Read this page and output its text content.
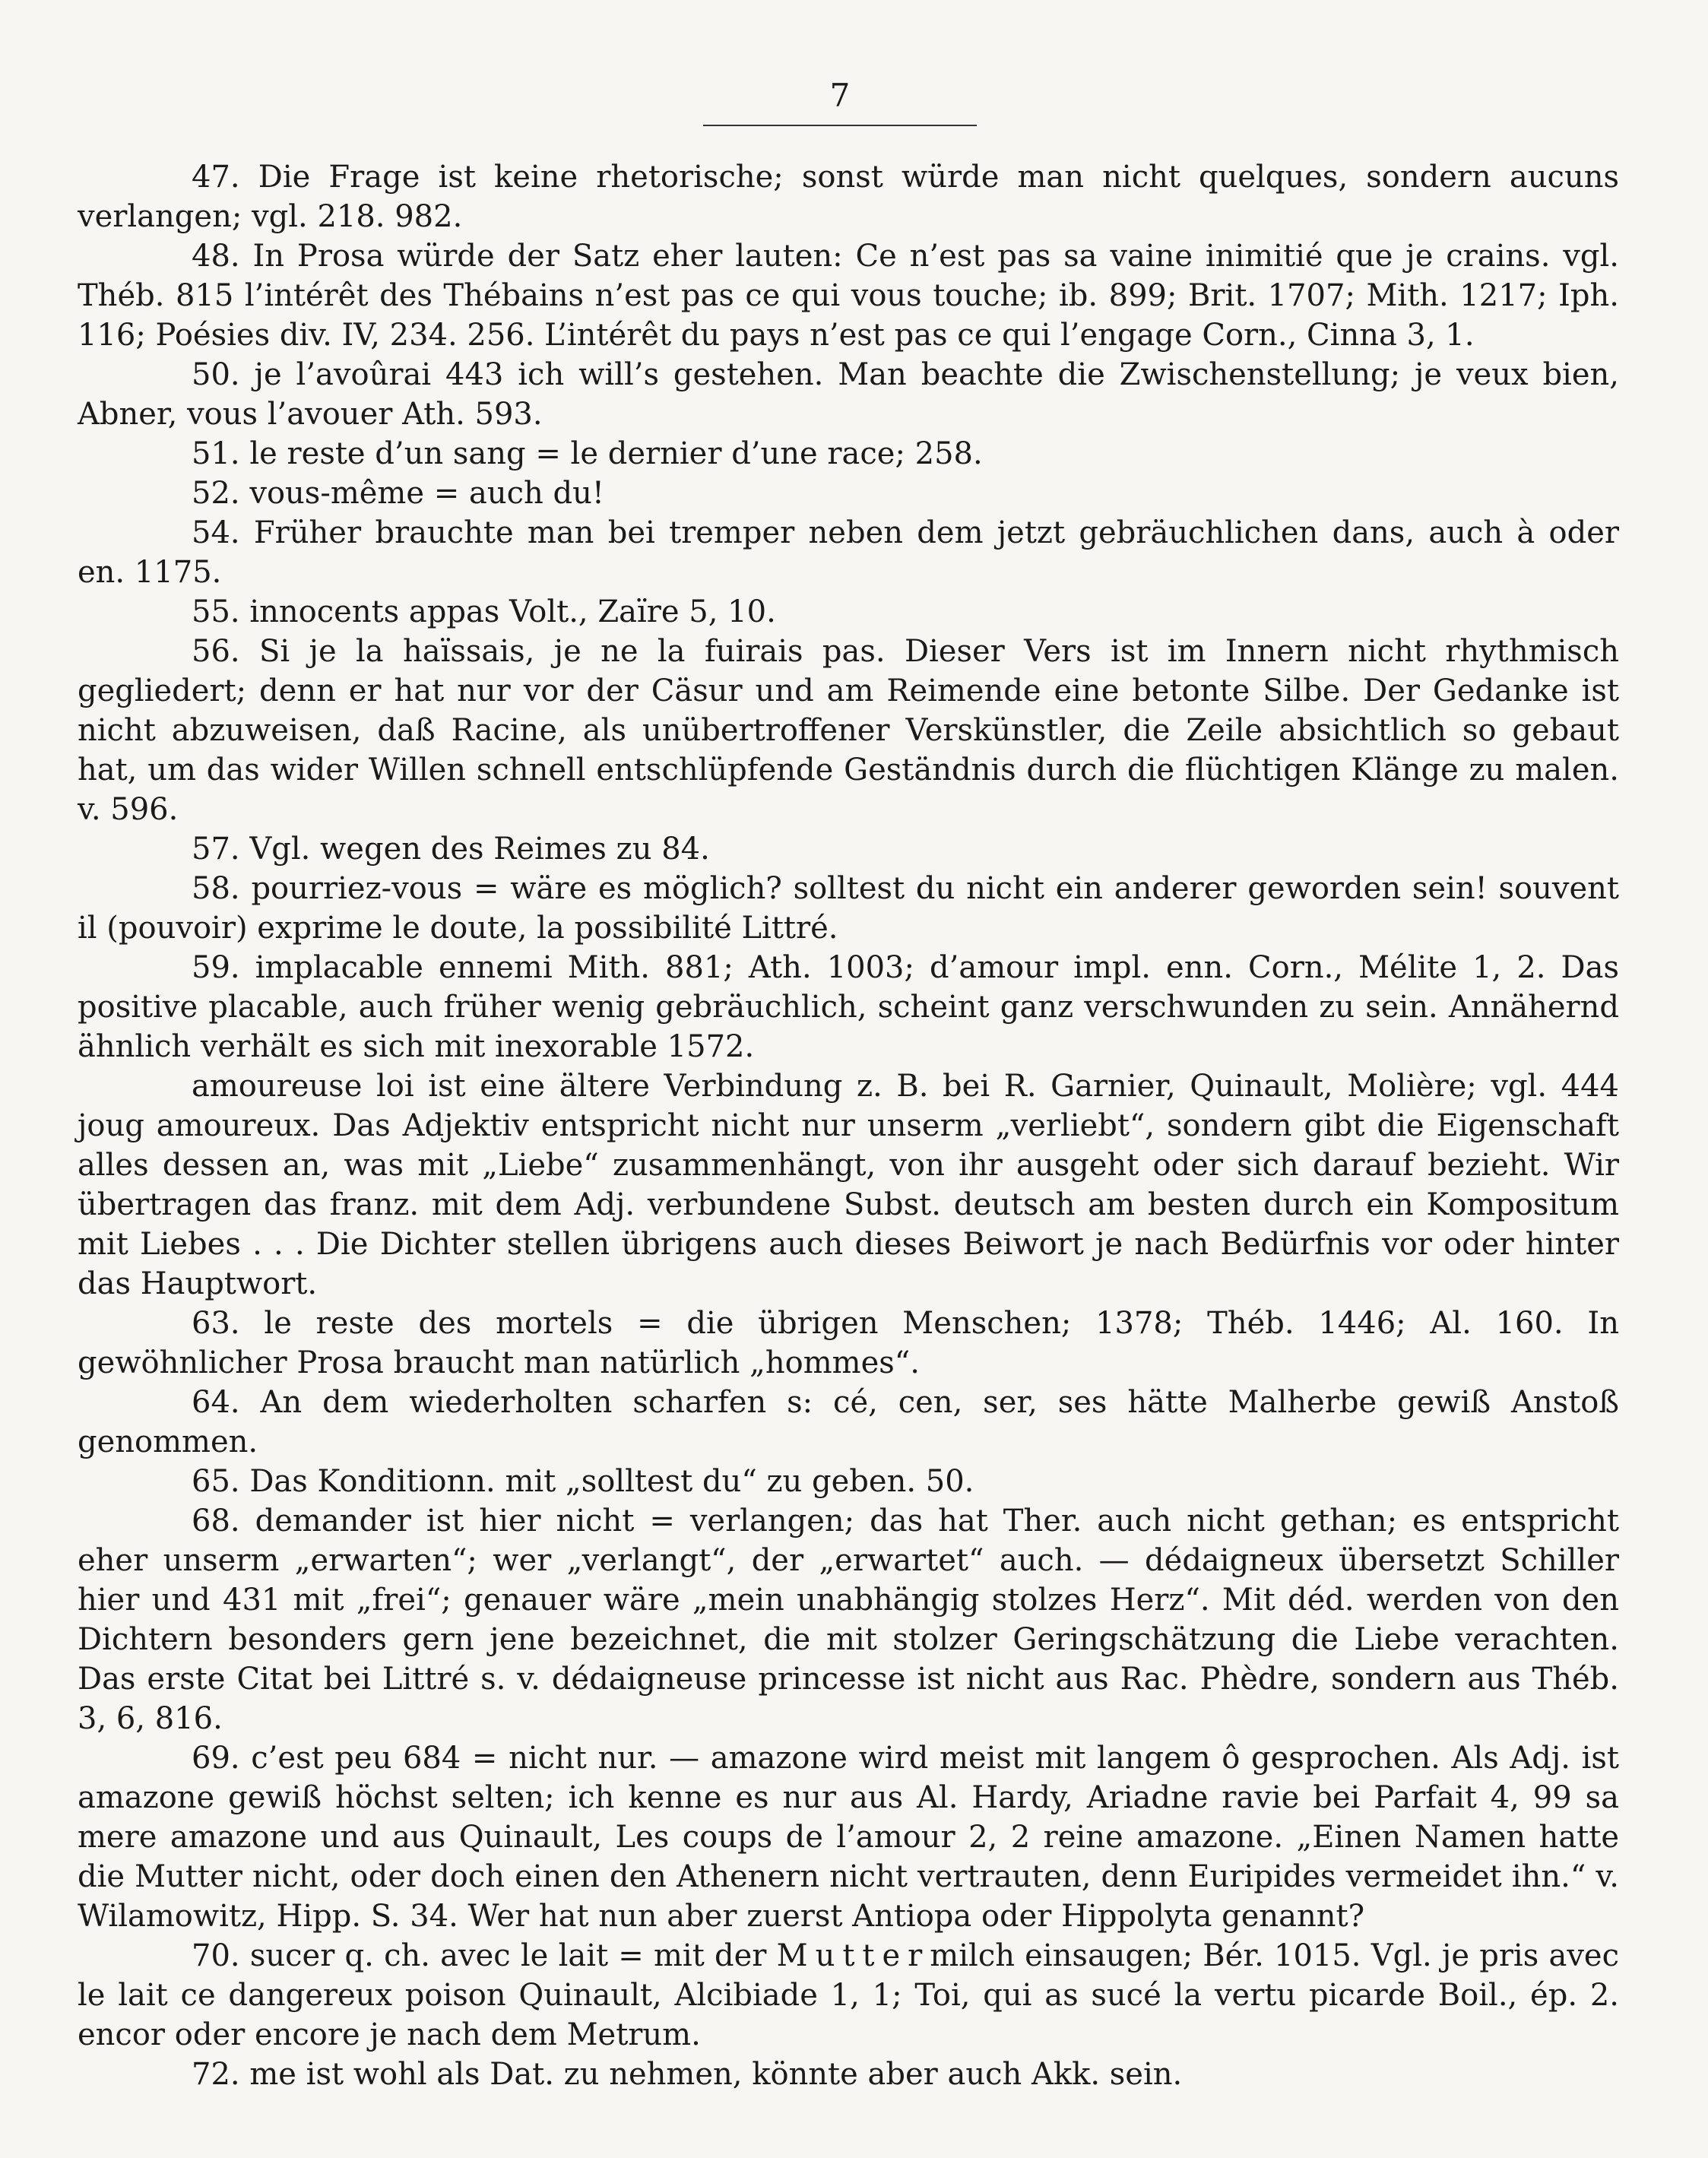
7

47. Die Frage ist keine rhetorische; sonst würde man nicht quelques, sondern aucuns verlangen; vgl. 218. 982.

48. In Prosa würde der Satz eher lauten: Ce n’est pas sa vaine inimitié que je crains. vgl. Théb. 815 l’intérêt des Thébains n’est pas ce qui vous touche; ib. 899; Brit. 1707; Mith. 1217; Iph. 116; Poésies div. IV, 234. 256. L’intérêt du pays n’est pas ce qui l’engage Corn., Cinna 3, 1.

50. je l’avoûrai 443 ich will’s gestehen. Man beachte die Zwischenstellung; je veux bien, Abner, vous l’avouer Ath. 593.

51. le reste d’un sang = le dernier d’une race; 258.

52. vous-même = auch du!

54. Früher brauchte man bei tremper neben dem jetzt gebräuchlichen dans, auch à oder en. 1175.

55. innocents appas Volt., Zaïre 5, 10.

56. Si je la haïssais, je ne la fuirais pas. Dieser Vers ist im Innern nicht rhythmisch gegliedert; denn er hat nur vor der Cäsur und am Reimende eine betonte Silbe. Der Gedanke ist nicht abzuweisen, daß Racine, als unübertroffener Verskünstler, die Zeile absichtlich so gebaut hat, um das wider Willen schnell entschlüpfende Geständnis durch die flüchtigen Klänge zu malen. v. 596.

57. Vgl. wegen des Reimes zu 84.

58. pourriez-vous = wäre es möglich? solltest du nicht ein anderer geworden sein! souvent il (pouvoir) exprime le doute, la possibilité Littré.

59. implacable ennemi Mith. 881; Ath. 1003; d’amour impl. enn. Corn., Mélite 1, 2. Das positive placable, auch früher wenig gebräuchlich, scheint ganz verschwunden zu sein. Annähernd ähnlich verhält es sich mit inexorable 1572.

amoureuse loi ist eine ältere Verbindung z. B. bei R. Garnier, Quinault, Molière; vgl. 444 joug amoureux. Das Adjektiv entspricht nicht nur unserm „verliebt“, sondern gibt die Eigenschaft alles dessen an, was mit „Liebe“ zusammenhängt, von ihr ausgeht oder sich darauf bezieht. Wir übertragen das franz. mit dem Adj. verbundene Subst. deutsch am besten durch ein Kompositum mit Liebes . . . Die Dichter stellen übrigens auch dieses Beiwort je nach Bedürfnis vor oder hinter das Hauptwort.

63. le reste des mortels = die übrigen Menschen; 1378; Théb. 1446; Al. 160. In gewöhnlicher Prosa braucht man natürlich „hommes“.

64. An dem wiederholten scharfen s: cé, cen, ser, ses hätte Malherbe gewiß Anstoß genommen.

65. Das Konditionn. mit „solltest du“ zu geben. 50.

68. demander ist hier nicht = verlangen; das hat Ther. auch nicht gethan; es entspricht eher unserm „erwarten“; wer „verlangt“, der „erwartet“ auch. — dédaigneux übersetzt Schiller hier und 431 mit „frei“; genauer wäre „mein unabhängig stolzes Herz“. Mit déd. werden von den Dichtern besonders gern jene bezeichnet, die mit stolzer Geringschätzung die Liebe verachten. Das erste Citat bei Littré s. v. dédaigneuse princesse ist nicht aus Rac. Phèdre, sondern aus Théb. 3, 6, 816.

69. c’est peu 684 = nicht nur. — amazone wird meist mit langem ô gesprochen. Als Adj. ist amazone gewiß höchst selten; ich kenne es nur aus Al. Hardy, Ariadne ravie bei Parfait 4, 99 sa mere amazone und aus Quinault, Les coups de l’amour 2, 2 reine amazone. „Einen Namen hatte die Mutter nicht, oder doch einen den Athenern nicht vertrauten, denn Euripides vermeidet ihn.“ v. Wilamowitz, Hipp. S. 34. Wer hat nun aber zuerst Antiopa oder Hippolyta genannt?

70. sucer q. ch. avec le lait = mit der Muttermilch einsaugen; Bér. 1015. Vgl. je pris avec le lait ce dangereux poison Quinault, Alcibiade 1, 1; Toi, qui as sucé la vertu picarde Boil., ép. 2. encor oder encore je nach dem Metrum.

72. me ist wohl als Dat. zu nehmen, könnte aber auch Akk. sein.
